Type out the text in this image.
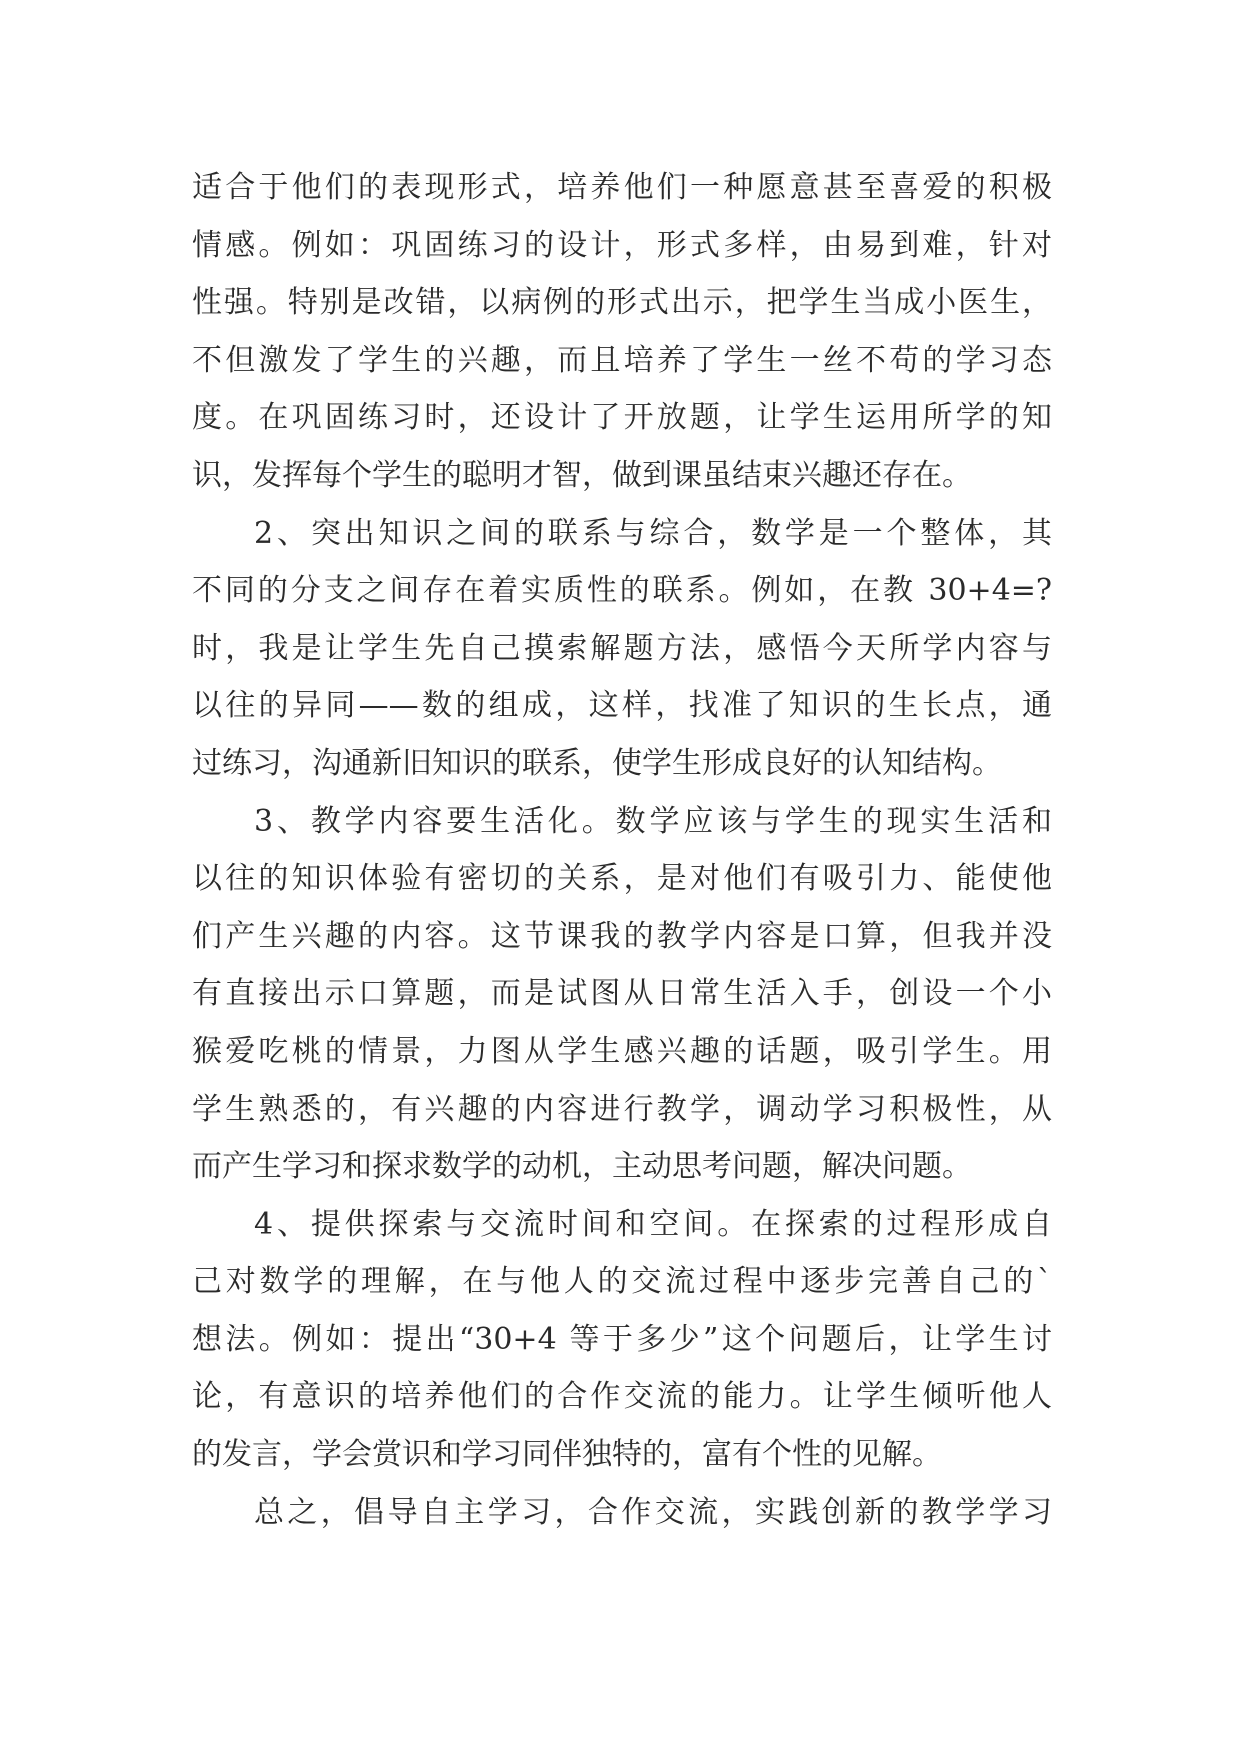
适合于他们的表现形式，培养他们一种愿意甚至喜爱的积极
情感。例如：巩固练习的设计，形式多样，由易到难，针对
性强。特别是改错，以病例的形式出示，把学生当成小医生，
不但激发了学生的兴趣，而且培养了学生一丝不苟的学习态
度。在巩固练习时，还设计了开放题，让学生运用所学的知
识，发挥每个学生的聪明才智，做到课虽结束兴趣还存在。
2、突出知识之间的联系与综合，数学是一个整体，其
不同的分支之间存在着实质性的联系。例如，在教 30+4=?
时，我是让学生先自己摸索解题方法，感悟今天所学内容与
以往的异同——数的组成，这样，找准了知识的生长点，通
过练习，沟通新旧知识的联系，使学生形成良好的认知结构。
3、教学内容要生活化。数学应该与学生的现实生活和
以往的知识体验有密切的关系，是对他们有吸引力、能使他
们产生兴趣的内容。这节课我的教学内容是口算，但我并没
有直接出示口算题，而是试图从日常生活入手，创设一个小
猴爱吃桃的情景，力图从学生感兴趣的话题，吸引学生。用
学生熟悉的，有兴趣的内容进行教学，调动学习积极性，从
而产生学习和探求数学的动机，主动思考问题，解决问题。
4、提供探索与交流时间和空间。在探索的过程形成自
己对数学的理解，在与他人的交流过程中逐步完善自己的`
想法。例如：提出“30+4 等于多少”这个问题后，让学生讨
论，有意识的培养他们的合作交流的能力。让学生倾听他人
的发言，学会赏识和学习同伴独特的，富有个性的见解。
总之，倡导自主学习，合作交流，实践创新的教学学习
